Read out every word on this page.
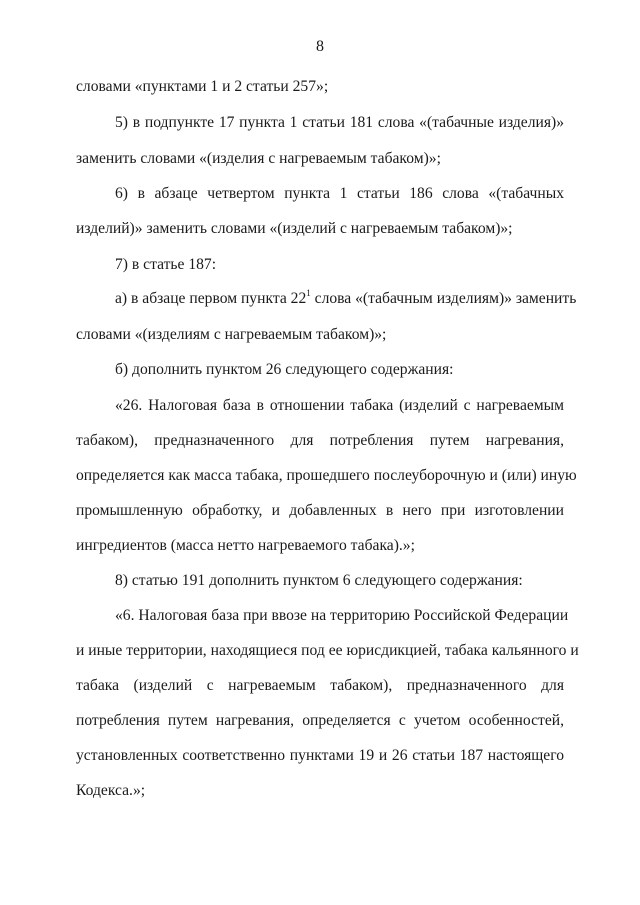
8
словами «пунктами 1 и 2 статьи 257»;
5) в подпункте 17 пункта 1 статьи 181 слова «(табачные изделия)»
заменить словами «(изделия с нагреваемым табаком)»;
6) в абзаце четвертом пункта 1 статьи 186 слова «(табачных
изделий)» заменить словами «(изделий с нагреваемым табаком)»;
7) в статье 187:
а) в абзаце первом пункта $22^1$ слова «(табачным изделиям)» заменить
словами «(изделиям с нагреваемым табаком)»;
б) дополнить пунктом 26 следующего содержания:
«26. Налоговая база в отношении табака (изделий с нагреваемым
табаком), предназначенного для потребления путем нагревания,
определяется как масса табака, прошедшего послеуборочную и (или) иную
промышленную обработку, и добавленных в него при изготовлении
ингредиентов (масса нетто нагреваемого табака).»;
8) статью 191 дополнить пунктом 6 следующего содержания:
«6. Налоговая база при ввозе на территорию Российской Федерации
и иные территории, находящиеся под ее юрисдикцией, табака кальянного и
табака (изделий с нагреваемым табаком), предназначенного для
потребления путем нагревания, определяется с учетом особенностей,
установленных соответственно пунктами 19 и 26 статьи 187 настоящего
Кодекса.»;
